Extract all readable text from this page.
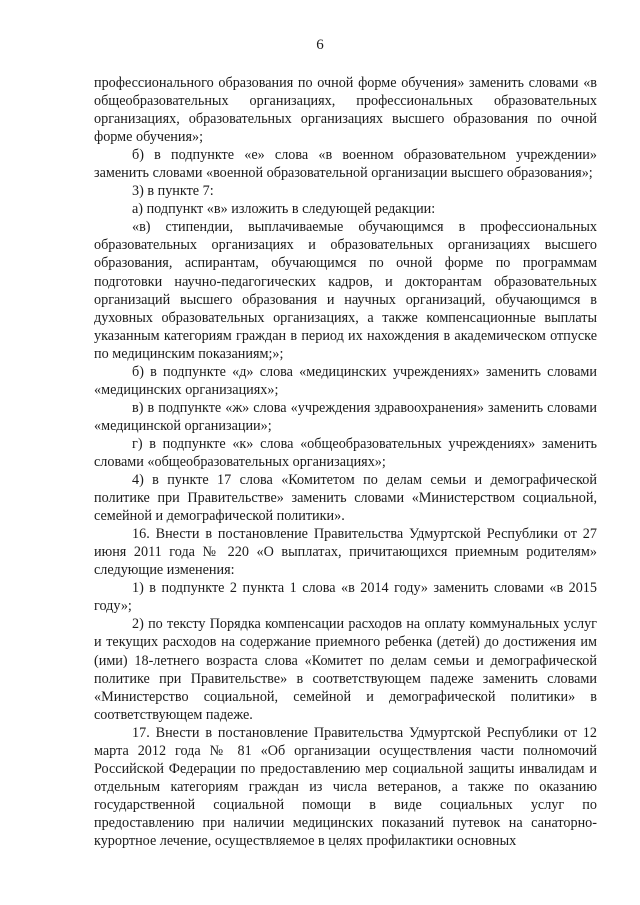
6

профессионального образования по очной форме обучения» заменить словами «в общеобразовательных организациях, профессиональных образовательных организациях, образовательных организациях высшего образования по очной форме обучения»;

б) в подпункте «е» слова «в военном образовательном учреждении» заменить словами «военной образовательной организации высшего образования»;

3) в пункте 7:

а) подпункт «в» изложить в следующей редакции:

«в) стипендии, выплачиваемые обучающимся в профессиональных образовательных организациях и образовательных организациях высшего образования, аспирантам, обучающимся по очной форме по программам подготовки научно-педагогических кадров, и докторантам образовательных организаций высшего образования и научных организаций, обучающимся в духовных образовательных организациях, а также компенсационные выплаты указанным категориям граждан в период их нахождения в академическом отпуске по медицинским показаниям;»;

б) в подпункте «д» слова «медицинских учреждениях» заменить словами «медицинских организациях»;

в) в подпункте «ж» слова «учреждения здравоохранения» заменить словами «медицинской организации»;

г) в подпункте «к» слова «общеобразовательных учреждениях» заменить словами «общеобразовательных организациях»;

4) в пункте 17 слова «Комитетом по делам семьи и демографической политике при Правительстве» заменить словами «Министерством социальной, семейной и демографической политики».

16. Внести в постановление Правительства Удмуртской Республики от 27 июня 2011 года № 220 «О выплатах, причитающихся приемным родителям» следующие изменения:

1) в подпункте 2 пункта 1 слова «в 2014 году» заменить словами «в 2015 году»;

2) по тексту Порядка компенсации расходов на оплату коммунальных услуг и текущих расходов на содержание приемного ребенка (детей) до достижения им (ими) 18-летнего возраста слова «Комитет по делам семьи и демографической политике при Правительстве» в соответствующем падеже заменить словами «Министерство социальной, семейной и демографической политики» в соответствующем падеже.

17. Внести в постановление Правительства Удмуртской Республики от 12 марта 2012 года № 81 «Об организации осуществления части полномочий Российской Федерации по предоставлению мер социальной защиты инвалидам и отдельным категориям граждан из числа ветеранов, а также по оказанию государственной социальной помощи в виде социальных услуг по предоставлению при наличии медицинских показаний путевок на санаторно-курортное лечение, осуществляемое в целях профилактики основных
